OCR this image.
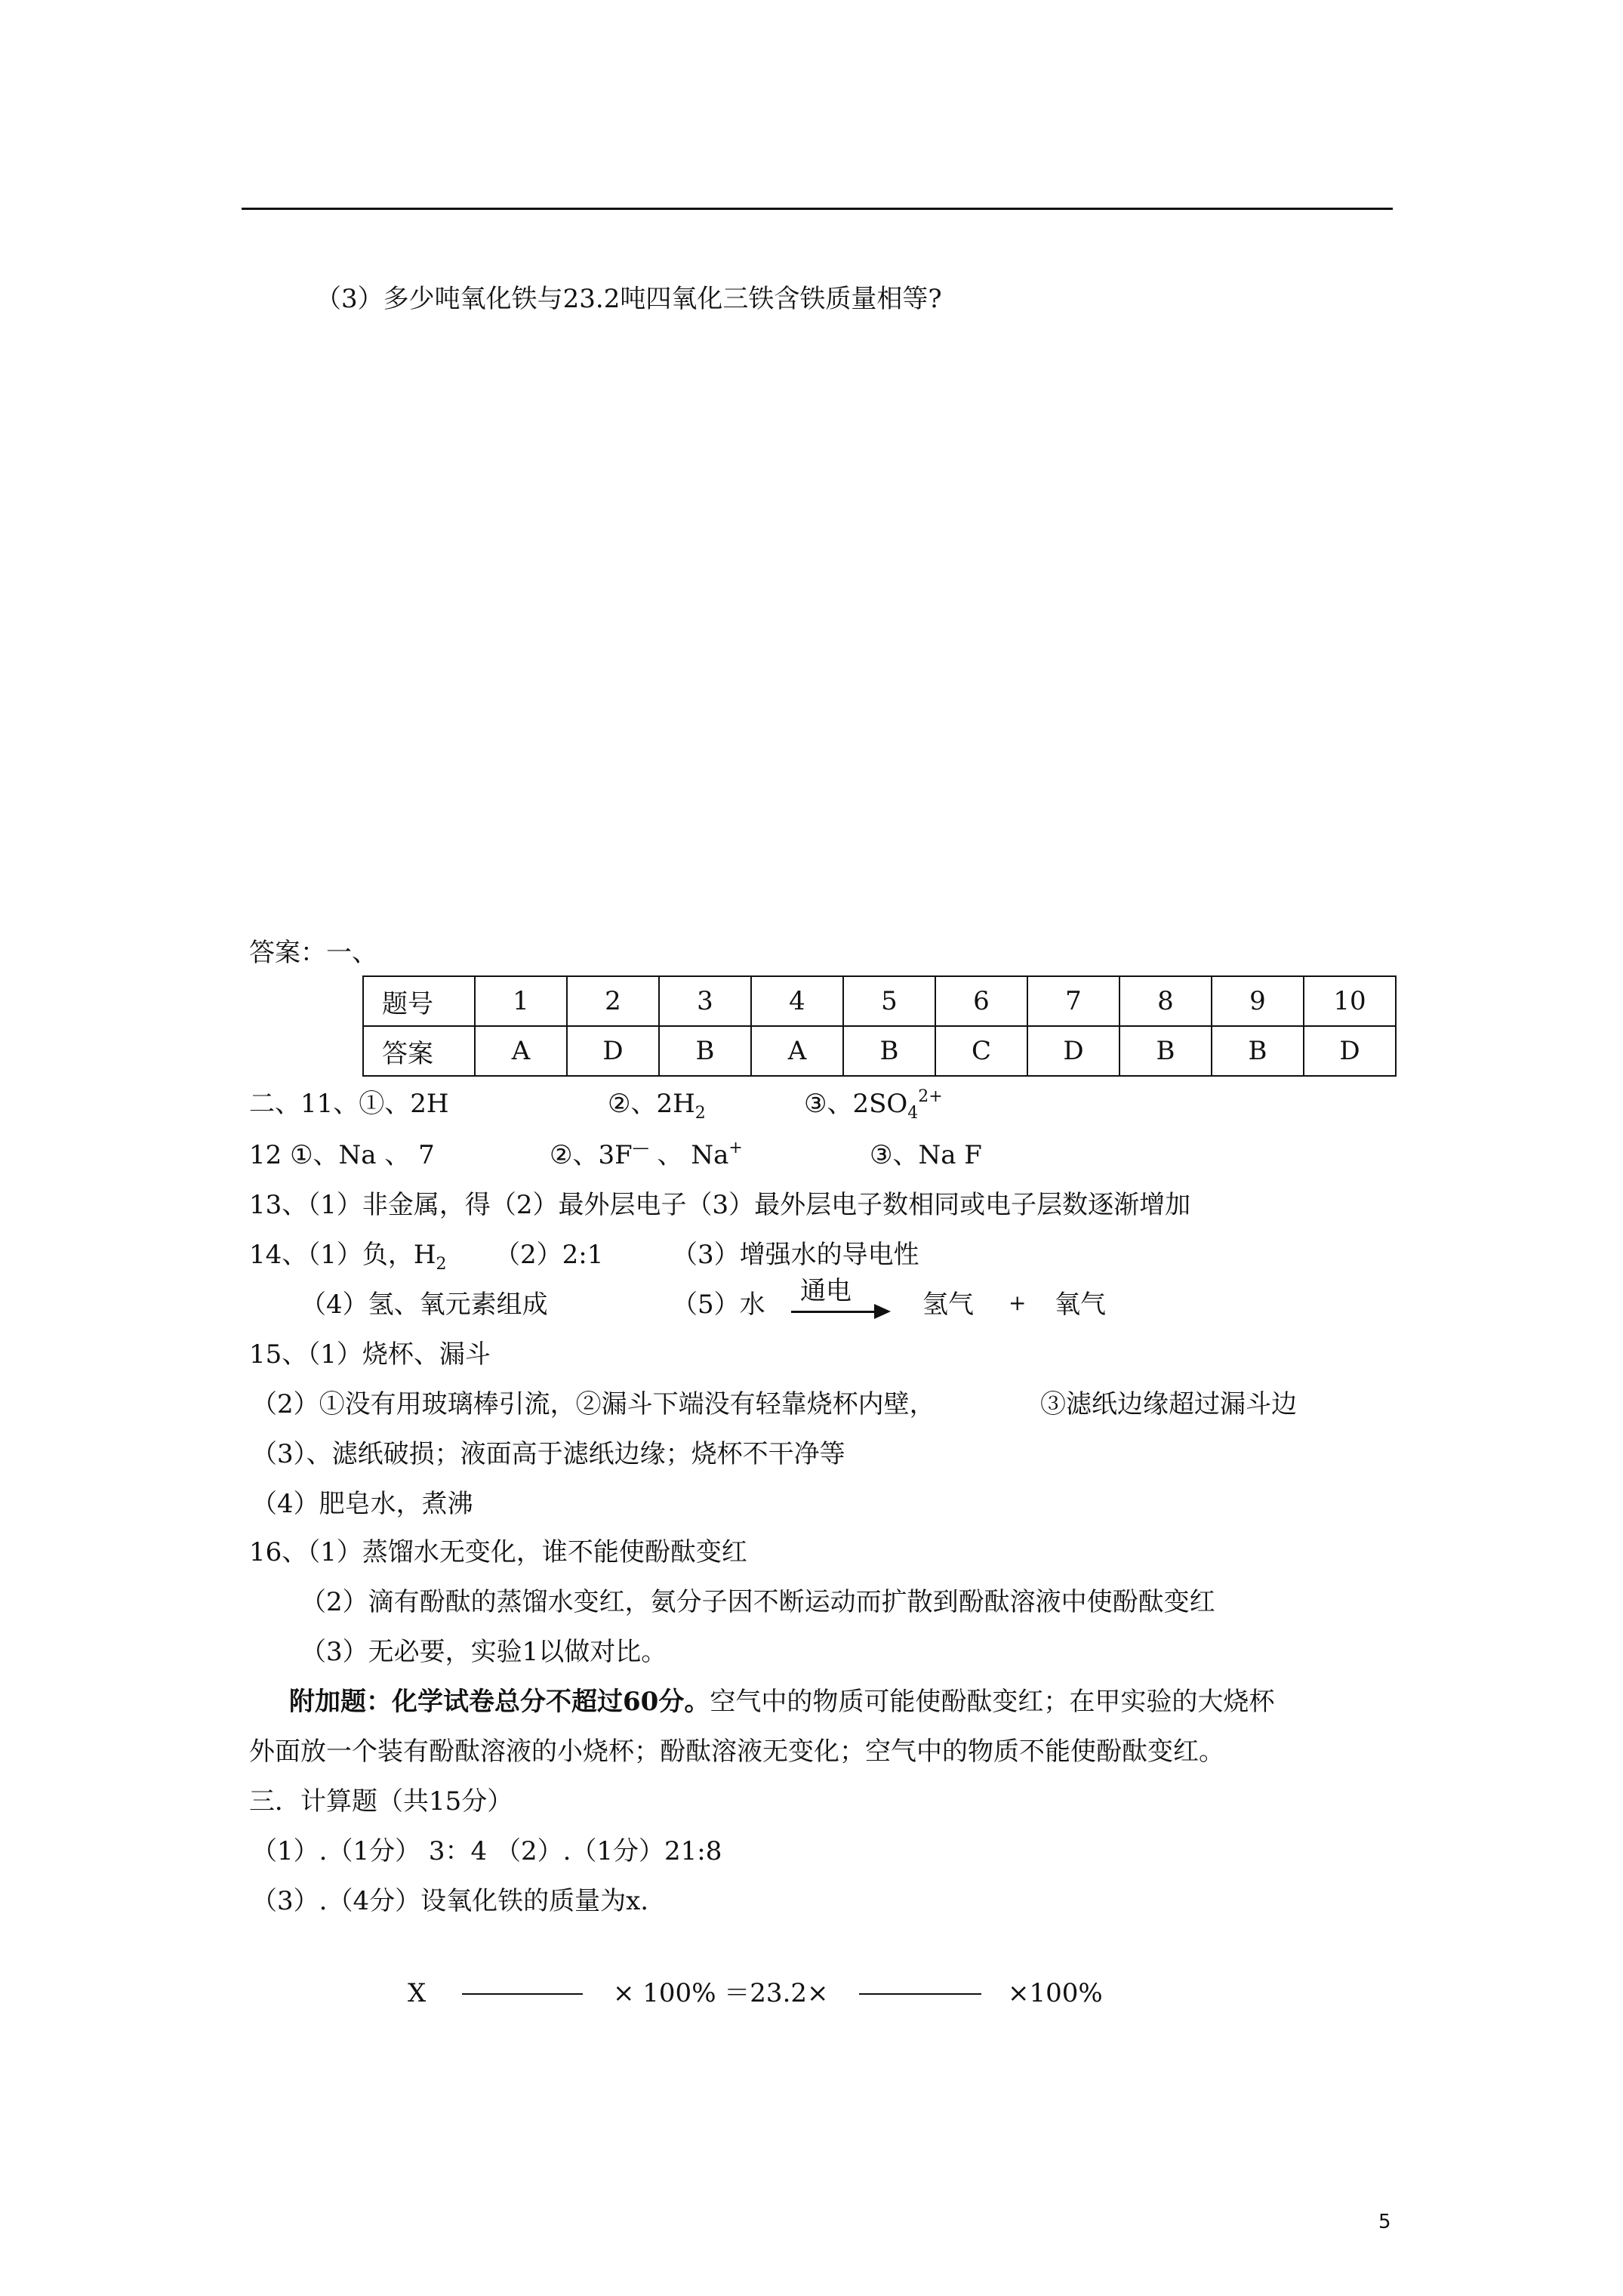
（3）多少吨氧化铁与23.2吨四氧化三铁含铁质量相等?
答案：一、
题号	1	2	3	4	5	6	7	8	9	10
答案	A	D	B	A	B	C	D	B	B	D
二、11、①、2H	②、$2H_2$	③、$2SO_4^{2+}$
12 ①、Na 、 7	②、3F— 、 Na+	③、Na F
13、（1）非金属，得（2）最外层电子（3）最外层电子数相同或电子层数逐渐增加
14、（1）负，$H_2$ （2）2:1	（3）增强水的导电性
（4）氢、氧元素组成	（5）水 通电	氢气 + 氧气
15、（1）烧杯、漏斗
（2）①没有用玻璃棒引流，②漏斗下端没有轻靠烧杯内壁，	③滤纸边缘超过漏斗边
（3）、滤纸破损；液面高于滤纸边缘；烧杯不干净等
（4）肥皂水，煮沸
16、（1）蒸馏水无变化，谁不能使酚酞变红
（2）滴有酚酞的蒸馏水变红，氨分子因不断运动而扩散到酚酞溶液中使酚酞变红
（3）无必要，实验1以做对比。
附加题：化学试卷总分不超过60分。空气中的物质可能使酚酞变红；在甲实验的大烧杯
外面放一个装有酚酞溶液的小烧杯；酚酞溶液无变化；空气中的物质不能使酚酞变红。
三．计算题（共15分）
（1）.（1分） 3：4 （2）.（1分）21:8
（3）.（4分）设氧化铁的质量为x.
X	× 100% ＝23.2×	×100%
5
